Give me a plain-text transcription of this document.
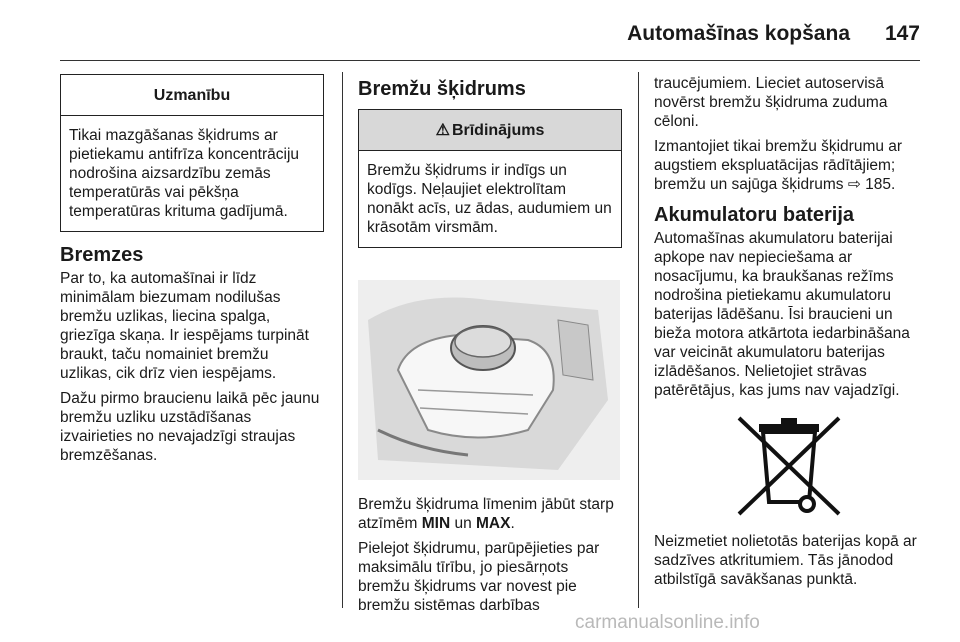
Automašīnas kopšana 147
Uzmanību
Tikai mazgāšanas šķidrums ar pietiekamu antifrīza koncentrāciju nodrošina aizsardzību zemās temperatūrās vai pēkšņa temperatūras krituma gadījumā.
Bremzes

Par to, ka automašīnai ir līdz minimālam biezumam nodilušas bremžu uzlikas, liecina spalga, griezīga skaņa. Ir iespējams turpināt braukt, taču nomainiet bremžu uzlikas, cik drīz vien iespējams.

Dažu pirmo braucienu laikā pēc jaunu bremžu uzliku uzstādīšanas izvairieties no nevajadzīgi straujas bremzēšanas.

Bremžu šķidrums
⚠ Brīdinājums
Bremžu šķidrums ir indīgs un kodīgs. Neļaujiet elektrolītam nonākt acīs, uz ādas, audumiem un krāsotām virsmām.

Bremžu šķidruma līmenim jābūt starp atzīmēm MIN un MAX.

Pielejot šķidrumu, parūpējieties par maksimālu tīrību, jo piesārņots bremžu šķidrums var novest pie bremžu sistēmas darbības

traucējumiem. Lieciet autoservisā novērst bremžu šķidruma zuduma cēloni.

Izmantojiet tikai bremžu šķidrumu ar augstiem ekspluatācijas rādītājiem; bremžu un sajūga šķidrums ⇨ 185.

Akumulatoru baterija

Automašīnas akumulatoru baterijai apkope nav nepieciešama ar nosacījumu, ka braukšanas režīms nodrošina pietiekamu akumulatoru baterijas lādēšanu. Īsi braucieni un bieža motora atkārtota iedarbināšana var veicināt akumulatoru baterijas izlādēšanos. Nelietojiet strāvas patērētājus, kas jums nav vajadzīgi.

Neizmetiet nolietotās baterijas kopā ar sadzīves atkritumiem. Tās jānodod atbilstīgā savākšanas punktā.

carmanualsonline.info
